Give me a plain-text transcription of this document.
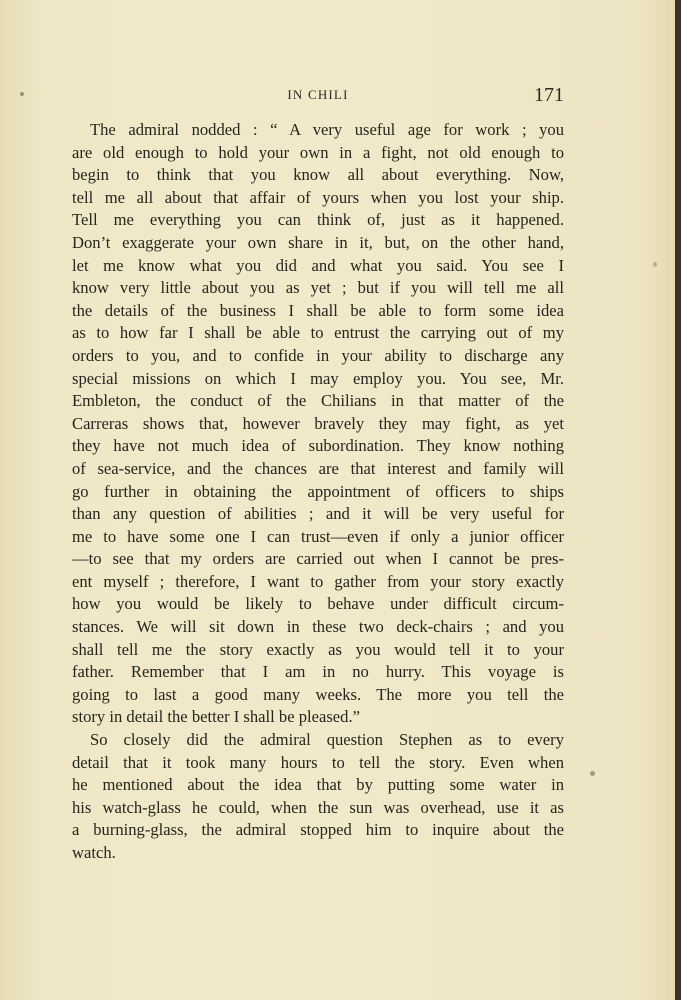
IN CHILI	171
The admiral nodded : “ A very useful age for work ; you
are old enough to hold your own in a fight, not old enough to
begin to think that you know all about everything. Now,
tell me all about that affair of yours when you lost your ship.
Tell me everything you can think of, just as it happened.
Don’t exaggerate your own share in it, but, on the other hand,
let me know what you did and what you said. You see I
know very little about you as yet ; but if you will tell me all
the details of the business I shall be able to form some idea
as to how far I shall be able to entrust the carrying out of my
orders to you, and to confide in your ability to discharge any
special missions on which I may employ you. You see, Mr.
Embleton, the conduct of the Chilians in that matter of the
Carreras shows that, however bravely they may fight, as yet
they have not much idea of subordination. They know nothing
of sea-service, and the chances are that interest and family will
go further in obtaining the appointment of officers to ships
than any question of abilities ; and it will be very useful for
me to have some one I can trust—even if only a junior officer
—to see that my orders are carried out when I cannot be pres-
ent myself ; therefore, I want to gather from your story exactly
how you would be likely to behave under difficult circum-
stances. We will sit down in these two deck-chairs ; and you
shall tell me the story exactly as you would tell it to your
father. Remember that I am in no hurry. This voyage is
going to last a good many weeks. The more you tell the
story in detail the better I shall be pleased.”
So closely did the admiral question Stephen as to every
detail that it took many hours to tell the story. Even when
he mentioned about the idea that by putting some water in
his watch-glass he could, when the sun was overhead, use it as
a burning-glass, the admiral stopped him to inquire about the
watch.
